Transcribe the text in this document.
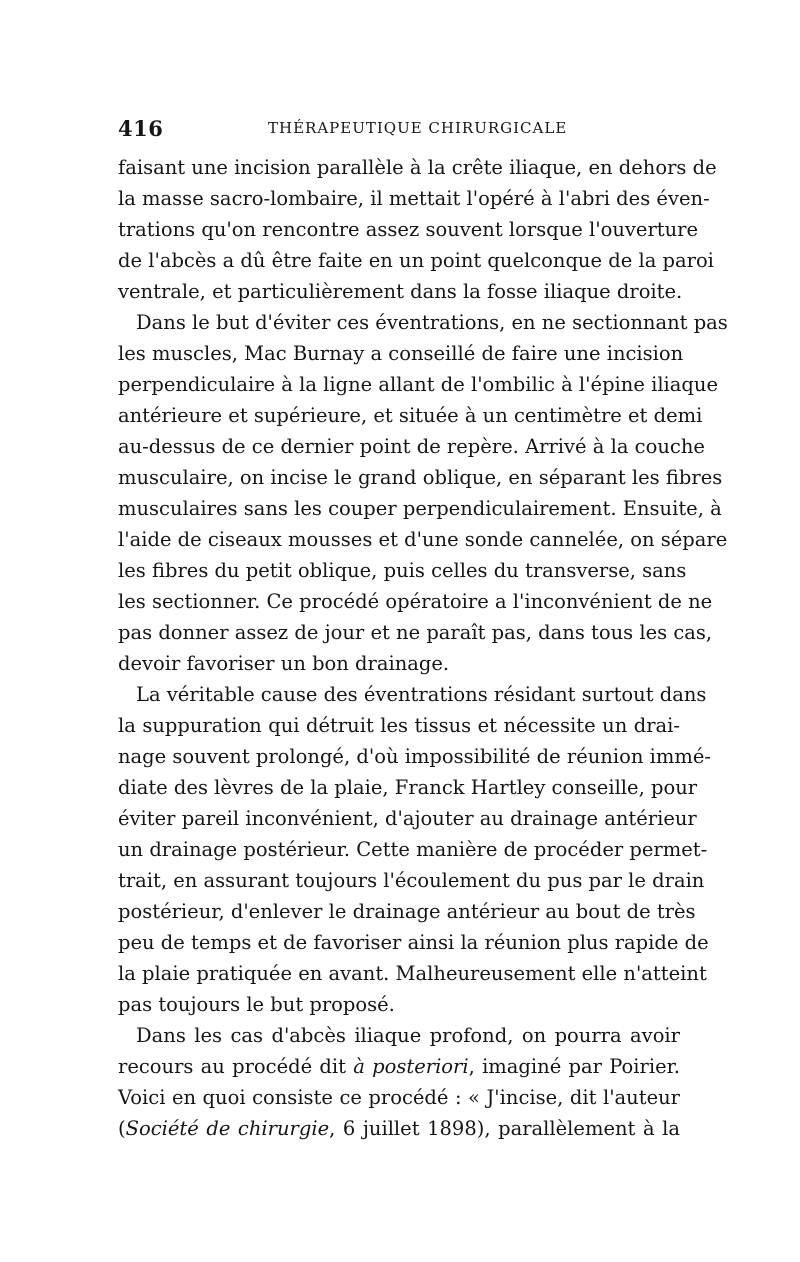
416	THÉRAPEUTIQUE CHIRURGICALE
faisant une incision parallèle à la crête iliaque, en dehors de
la masse sacro-lombaire, il mettait l'opéré à l'abri des éven-
trations qu'on rencontre assez souvent lorsque l'ouverture
de l'abcès a dû être faite en un point quelconque de la paroi
ventrale, et particulièrement dans la fosse iliaque droite.
Dans le but d'éviter ces éventrations, en ne sectionnant pas
les muscles, Mac Burnay a conseillé de faire une incision
perpendiculaire à la ligne allant de l'ombilic à l'épine iliaque
antérieure et supérieure, et située à un centimètre et demi
au-dessus de ce dernier point de repère. Arrivé à la couche
musculaire, on incise le grand oblique, en séparant les fibres
musculaires sans les couper perpendiculairement. Ensuite, à
l'aide de ciseaux mousses et d'une sonde cannelée, on sépare
les fibres du petit oblique, puis celles du transverse, sans
les sectionner. Ce procédé opératoire a l'inconvénient de ne
pas donner assez de jour et ne paraît pas, dans tous les cas,
devoir favoriser un bon drainage.
La véritable cause des éventrations résidant surtout dans
la suppuration qui détruit les tissus et nécessite un drai-
nage souvent prolongé, d'où impossibilité de réunion immé-
diate des lèvres de la plaie, Franck Hartley conseille, pour
éviter pareil inconvénient, d'ajouter au drainage antérieur
un drainage postérieur. Cette manière de procéder permet-
trait, en assurant toujours l'écoulement du pus par le drain
postérieur, d'enlever le drainage antérieur au bout de très
peu de temps et de favoriser ainsi la réunion plus rapide de
la plaie pratiquée en avant. Malheureusement elle n'atteint
pas toujours le but proposé.
Dans les cas d'abcès iliaque profond, on pourra avoir
recours au procédé dit à posteriori, imaginé par Poirier.
Voici en quoi consiste ce procédé : « J'incise, dit l'auteur
(Société de chirurgie, 6 juillet 1898), parallèlement à la
